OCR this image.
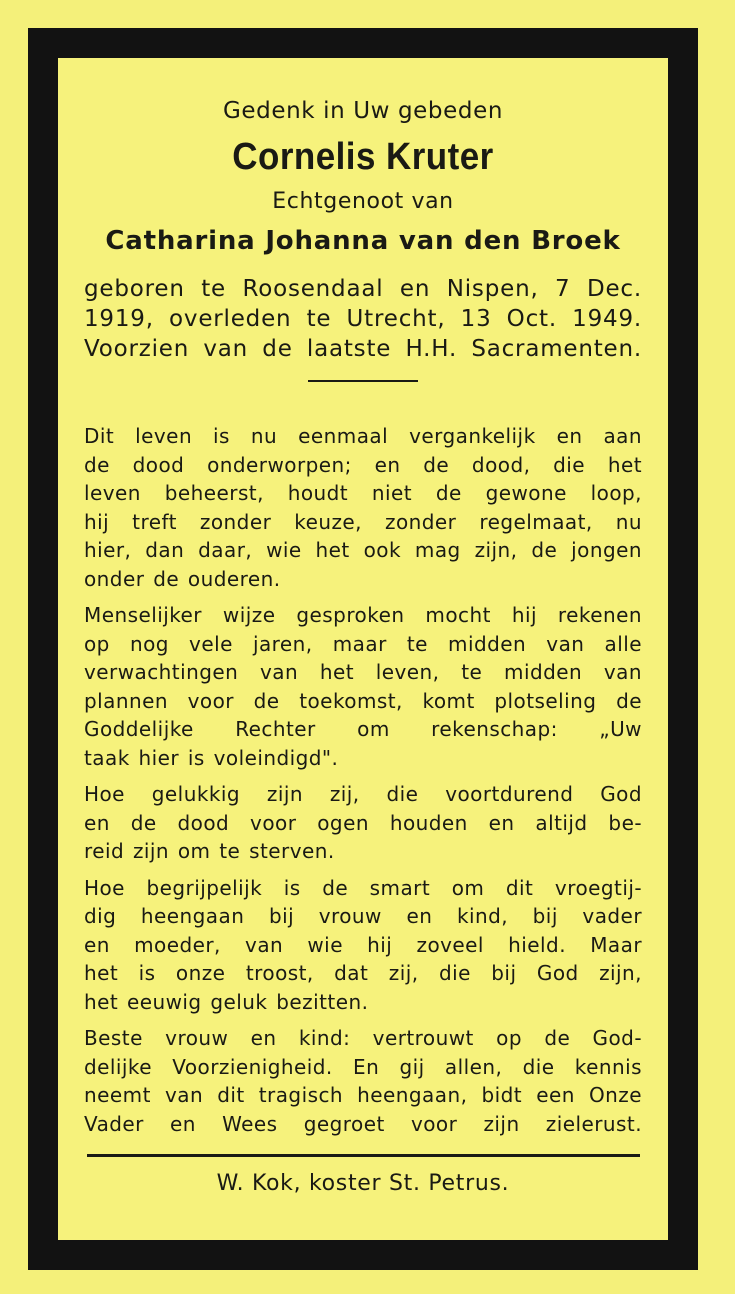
Gedenk in Uw gebeden
Cornelis Kruter
Echtgenoot van
Catharina Johanna van den Broek
geboren te Roosendaal en Nispen, 7 Dec.
1919, overleden te Utrecht, 13 Oct. 1949.
Voorzien van de laatste H.H. Sacramenten.
Dit leven is nu eenmaal vergankelijk en aan
de dood onderworpen; en de dood, die het
leven beheerst, houdt niet de gewone loop,
hij treft zonder keuze, zonder regelmaat, nu
hier, dan daar, wie het ook mag zijn, de jongen
onder de ouderen.
Menselijker wijze gesproken mocht hij rekenen
op nog vele jaren, maar te midden van alle
verwachtingen van het leven, te midden van
plannen voor de toekomst, komt plotseling de
Goddelijke Rechter om rekenschap: „Uw
taak hier is voleindigd".
Hoe gelukkig zijn zij, die voortdurend God
en de dood voor ogen houden en altijd be-
reid zijn om te sterven.
Hoe begrijpelijk is de smart om dit vroegtij-
dig heengaan bij vrouw en kind, bij vader
en moeder, van wie hij zoveel hield. Maar
het is onze troost, dat zij, die bij God zijn,
het eeuwig geluk bezitten.
Beste vrouw en kind: vertrouwt op de God-
delijke Voorzienigheid. En gij allen, die kennis
neemt van dit tragisch heengaan, bidt een Onze
Vader en Wees gegroet voor zijn zielerust.
W. Kok, koster St. Petrus.
